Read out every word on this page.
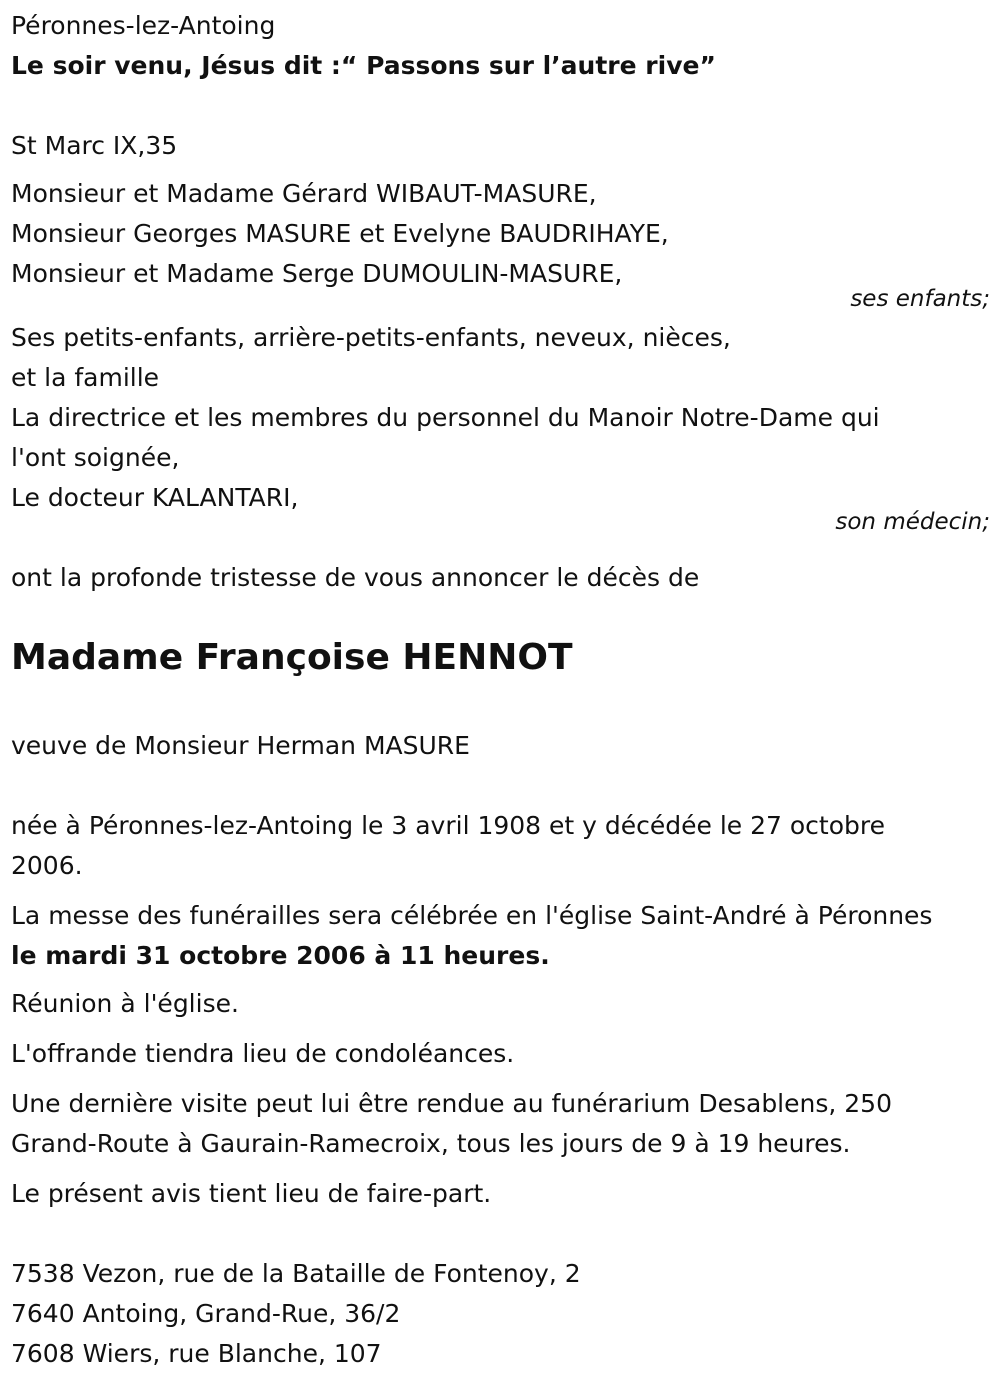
Péronnes-lez-Antoing
Le soir venu, Jésus dit :“ Passons sur l’autre rive”
St Marc IX,35
Monsieur et Madame Gérard WIBAUT-MASURE,
Monsieur Georges MASURE et Evelyne BAUDRIHAYE,
Monsieur et Madame Serge DUMOULIN-MASURE,
ses enfants;
Ses petits-enfants, arrière-petits-enfants, neveux, nièces,
et la famille
La directrice et les membres du personnel du Manoir Notre-Dame qui
l'ont soignée,
Le docteur KALANTARI,
son médecin;
ont la profonde tristesse de vous annoncer le décès de
Madame Françoise HENNOT
veuve de Monsieur Herman MASURE
née à Péronnes-lez-Antoing le 3 avril 1908 et y décédée le 27 octobre
2006.
La messe des funérailles sera célébrée en l'église Saint-André à Péronnes
le mardi 31 octobre 2006 à 11 heures.
Réunion à l'église.
L'offrande tiendra lieu de condoléances.
Une dernière visite peut lui être rendue au funérarium Desablens, 250
Grand-Route à Gaurain-Ramecroix, tous les jours de 9 à 19 heures.
Le présent avis tient lieu de faire-part.
7538 Vezon, rue de la Bataille de Fontenoy, 2
7640 Antoing, Grand-Rue, 36/2
7608 Wiers, rue Blanche, 107
